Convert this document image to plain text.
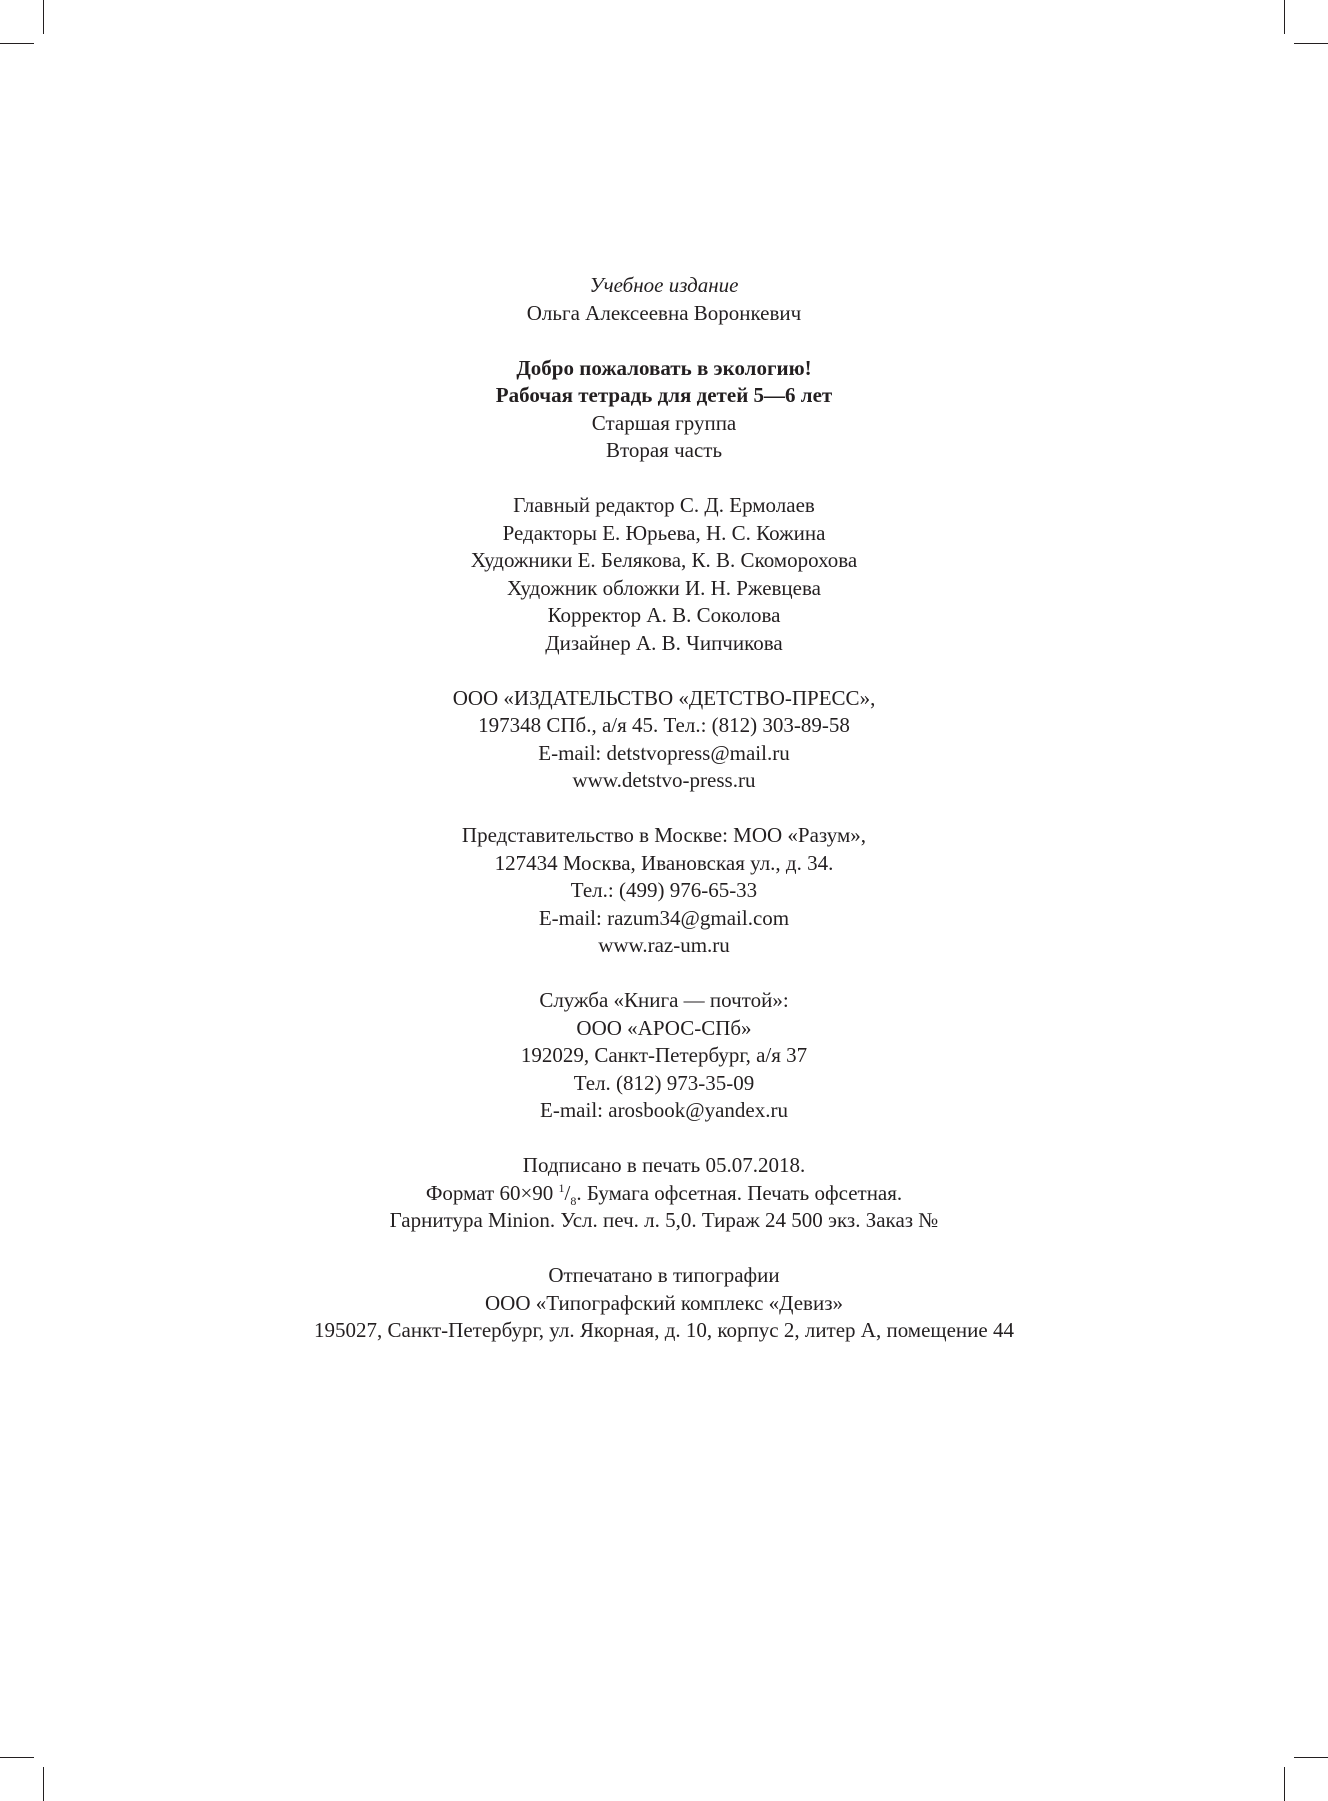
Учебное издание
Ольга Алексеевна Воронкевич
Добро пожаловать в экологию!
Рабочая тетрадь для детей 5—6 лет
Старшая группа
Вторая часть
Главный редактор С. Д. Ермолаев
Редакторы Е. Юрьева, Н. С. Кожина
Художники Е. Белякова, К. В. Скоморохова
Художник обложки И. Н. Ржевцева
Корректор А. В. Соколова
Дизайнер А. В. Чипчикова
ООО «ИЗДАТЕЛЬСТВО «ДЕТСТВО-ПРЕСС»,
197348 СПб., а/я 45. Тел.: (812) 303-89-58
E-mail: detstvopress@mail.ru
www.detstvo-press.ru
Представительство в Москве: МОО «Разум»,
127434 Москва, Ивановская ул., д. 34.
Тел.: (499) 976-65-33
E-mail: razum34@gmail.com
www.raz-um.ru
Служба «Книга — почтой»:
ООО «АРОС-СПб»
192029, Санкт-Петербург, а/я 37
Тел. (812) 973-35-09
E-mail: arosbook@yandex.ru
Подписано в печать 05.07.2018.
Формат 60×90 $^1/_8$. Бумага офсетная. Печать офсетная.
Гарнитура Minion. Усл. печ. л. 5,0. Тираж 24 500 экз. Заказ №
Отпечатано в типографии
ООО «Типографский комплекс «Девиз»
195027, Санкт-Петербург, ул. Якорная, д. 10, корпус 2, литер А, помещение 44
